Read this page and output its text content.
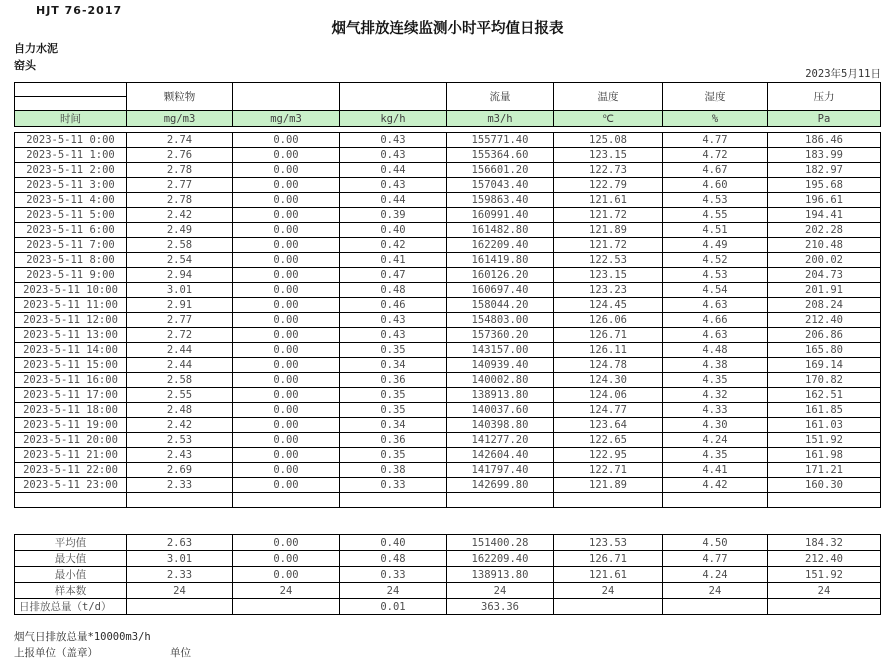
HJT 76-2017
烟气排放连续监测小时平均值日报表
自力水泥
窑头
2023年5月11日
	颗粒物			流量	温度	湿度	压力

时间	mg/m3	mg/m3	kg/h	m3/h	℃	%	Pa
2023-5-11 0:00	2.74	0.00	0.43	155771.40	125.08	4.77	186.46
2023-5-11 1:00	2.76	0.00	0.43	155364.60	123.15	4.72	183.99
2023-5-11 2:00	2.78	0.00	0.44	156601.20	122.73	4.67	182.97
2023-5-11 3:00	2.77	0.00	0.43	157043.40	122.79	4.60	195.68
2023-5-11 4:00	2.78	0.00	0.44	159863.40	121.61	4.53	196.61
2023-5-11 5:00	2.42	0.00	0.39	160991.40	121.72	4.55	194.41
2023-5-11 6:00	2.49	0.00	0.40	161482.80	121.89	4.51	202.28
2023-5-11 7:00	2.58	0.00	0.42	162209.40	121.72	4.49	210.48
2023-5-11 8:00	2.54	0.00	0.41	161419.80	122.53	4.52	200.02
2023-5-11 9:00	2.94	0.00	0.47	160126.20	123.15	4.53	204.73
2023-5-11 10:00	3.01	0.00	0.48	160697.40	123.23	4.54	201.91
2023-5-11 11:00	2.91	0.00	0.46	158044.20	124.45	4.63	208.24
2023-5-11 12:00	2.77	0.00	0.43	154803.00	126.06	4.66	212.40
2023-5-11 13:00	2.72	0.00	0.43	157360.20	126.71	4.63	206.86
2023-5-11 14:00	2.44	0.00	0.35	143157.00	126.11	4.48	165.80
2023-5-11 15:00	2.44	0.00	0.34	140939.40	124.78	4.38	169.14
2023-5-11 16:00	2.58	0.00	0.36	140002.80	124.30	4.35	170.82
2023-5-11 17:00	2.55	0.00	0.35	138913.80	124.06	4.32	162.51
2023-5-11 18:00	2.48	0.00	0.35	140037.60	124.77	4.33	161.85
2023-5-11 19:00	2.42	0.00	0.34	140398.80	123.64	4.30	161.03
2023-5-11 20:00	2.53	0.00	0.36	141277.20	122.65	4.24	151.92
2023-5-11 21:00	2.43	0.00	0.35	142604.40	122.95	4.35	161.98
2023-5-11 22:00	2.69	0.00	0.38	141797.40	122.71	4.41	171.21
2023-5-11 23:00	2.33	0.00	0.33	142699.80	121.89	4.42	160.30

平均值	2.63	0.00	0.40	151400.28	123.53	4.50	184.32
最大值	3.01	0.00	0.48	162209.40	126.71	4.77	212.40
最小值	2.33	0.00	0.33	138913.80	121.61	4.24	151.92
样本数	24	24	24	24	24	24	24
日排放总量（t/d）			0.01	363.36			
烟气日排放总量*10000m3/h
上报单位（盖章）	单位
